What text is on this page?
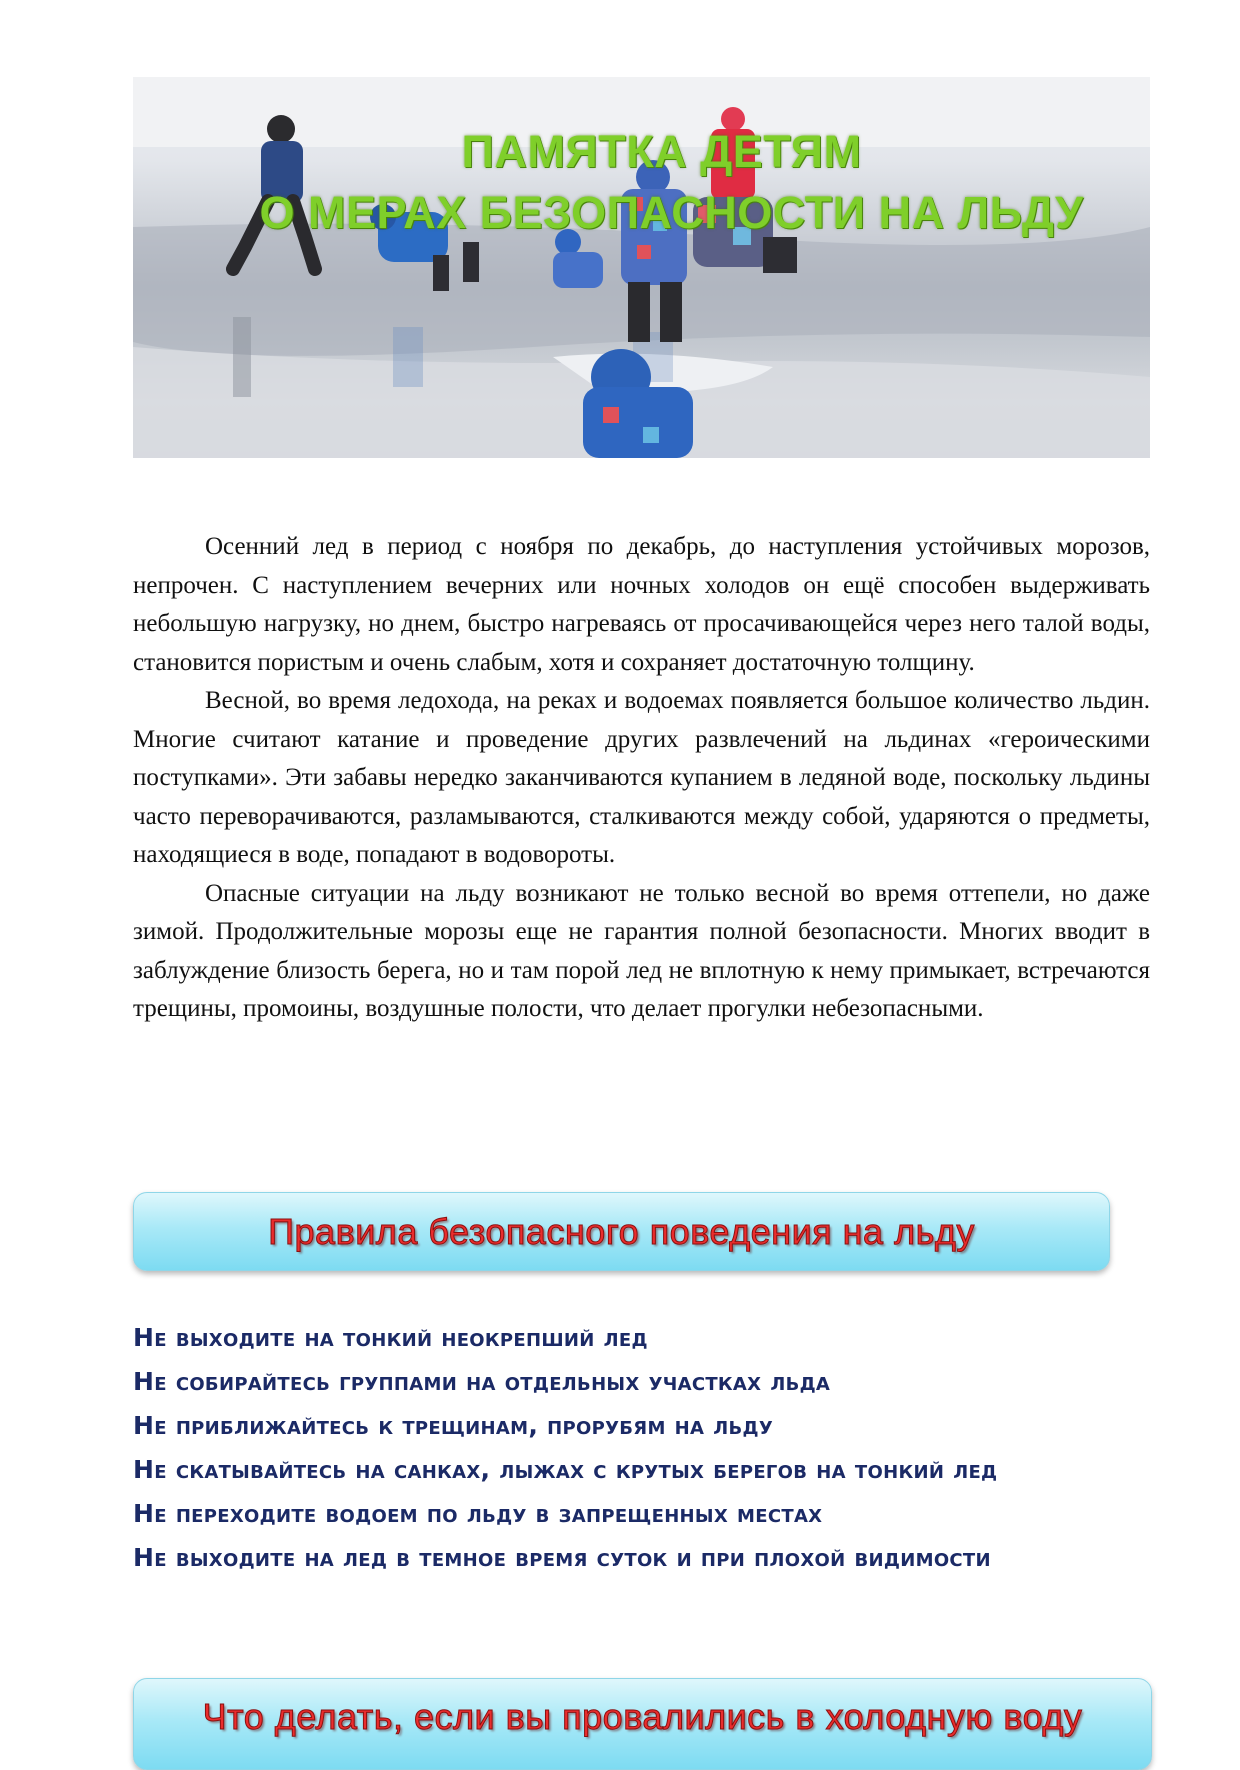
ПАМЯТКА ДЕТЯМ
О МЕРАХ БЕЗОПАСНОСТИ НА ЛЬДУ

Осенний лед в период с ноября по декабрь, до наступления устойчивых морозов, непрочен. С наступлением вечерних или ночных холодов он ещё способен выдерживать небольшую нагрузку, но днем, быстро нагреваясь от просачивающейся через него талой воды, становится пористым и очень слабым, хотя и сохраняет достаточную толщину.

Весной, во время ледохода, на реках и водоемах появляется большое количество льдин. Многие считают катание и проведение других развлечений на льдинах «героическими поступками». Эти забавы нередко заканчиваются купанием в ледяной воде, поскольку льдины часто переворачиваются, разламываются, сталкиваются между собой, ударяются о предметы, находящиеся в воде, попадают в водовороты.

Опасные ситуации на льду возникают не только весной во время оттепели, но даже зимой. Продолжительные морозы еще не гарантия полной безопасности. Многих вводит в заблуждение близость берега, но и там порой лед не вплотную к нему примыкает, встречаются трещины, промоины, воздушные полости, что делает прогулки небезопасными.

Правила безопасного поведения на льду
Не выходите на тонкий неокрепший лед
Не собирайтесь группами на отдельных участках льда
Не приближайтесь к трещинам, прорубям на льду
Не скатывайтесь на санках, лыжах с крутых берегов на тонкий лед
Не переходите водоем по льду в запрещенных местах
Не выходите на лед в темное время суток и при плохой видимости
Что делать, если вы провалились в холодную воду
